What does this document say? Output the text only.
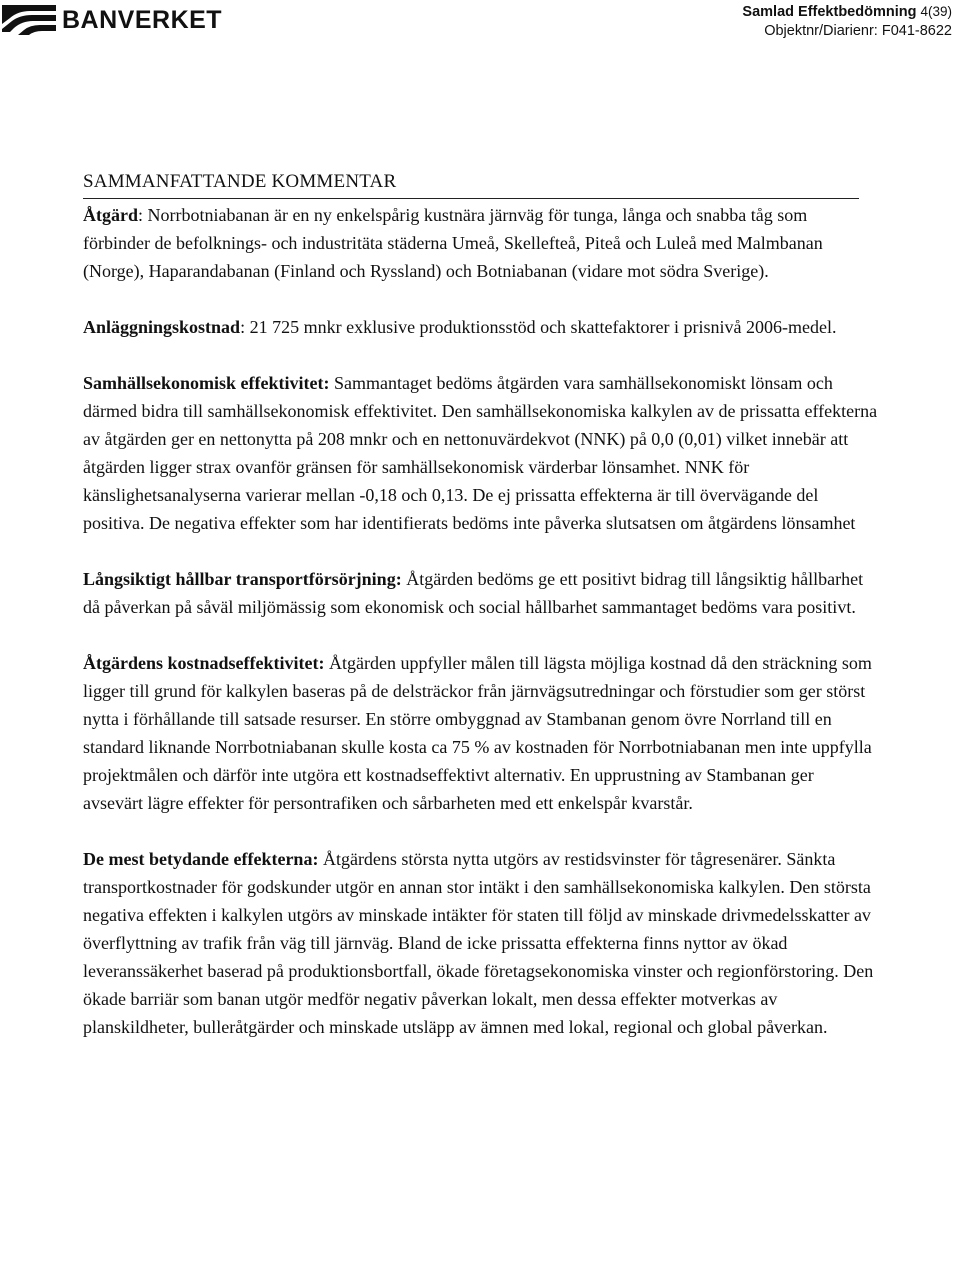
BANVERKET	Samlad Effektbedömning 4(39)
Objektnr/Diarienr: F041-8622
SAMMANFATTANDE KOMMENTAR

Åtgärd: Norrbotniabanan är en ny enkelspårig kustnära järnväg för tunga, långa och snabba tåg som förbinder de befolknings- och industritäta städerna Umeå, Skellefteå, Piteå och Luleå med Malmbanan (Norge), Haparandabanan (Finland och Ryssland) och Botniabanan (vidare mot södra Sverige).

Anläggningskostnad: 21 725 mnkr exklusive produktionsstöd och skattefaktorer i prisnivå 2006-medel.

Samhällsekonomisk effektivitet: Sammantaget bedöms åtgärden vara samhällsekonomiskt lönsam och därmed bidra till samhällsekonomisk effektivitet. Den samhällsekonomiska kalkylen av de prissatta effekterna av åtgärden ger en nettonytta på 208 mnkr och en nettonuvärdekvot (NNK) på 0,0 (0,01) vilket innebär att åtgärden ligger strax ovanför gränsen för samhällsekonomisk värderbar lönsamhet. NNK för känslighetsanalyserna varierar mellan -0,18 och 0,13. De ej prissatta effekterna är till övervägande del positiva. De negativa effekter som har identifierats bedöms inte påverka slutsatsen om åtgärdens lönsamhet

Långsiktigt hållbar transportförsörjning: Åtgärden bedöms ge ett positivt bidrag till långsiktig hållbarhet då påverkan på såväl miljömässig som ekonomisk och social hållbarhet sammantaget bedöms vara positivt.

Åtgärdens kostnadseffektivitet: Åtgärden uppfyller målen till lägsta möjliga kostnad då den sträckning som ligger till grund för kalkylen baseras på de delsträckor från järnvägsutredningar och förstudier som ger störst nytta i förhållande till satsade resurser. En större ombyggnad av Stambanan genom övre Norrland till en standard liknande Norrbotniabanan skulle kosta ca 75 % av kostnaden för Norrbotniabanan men inte uppfylla projektmålen och därför inte utgöra ett kostnadseffektivt alternativ. En upprustning av Stambanan ger avsevärt lägre effekter för persontrafiken och sårbarheten med ett enkelspår kvarstår.

De mest betydande effekterna: Åtgärdens största nytta utgörs av restidsvinster för tågresenärer. Sänkta transportkostnader för godskunder utgör en annan stor intäkt i den samhällsekonomiska kalkylen. Den största negativa effekten i kalkylen utgörs av minskade intäkter för staten till följd av minskade drivmedelsskatter av överflyttning av trafik från väg till järnväg. Bland de icke prissatta effekterna finns nyttor av ökad leveranssäkerhet baserad på produktionsbortfall, ökade företagsekonomiska vinster och regionförstoring. Den ökade barriär som banan utgör medför negativ påverkan lokalt, men dessa effekter motverkas av planskildheter, bulleråtgärder och minskade utsläpp av ämnen med lokal, regional och global påverkan.
